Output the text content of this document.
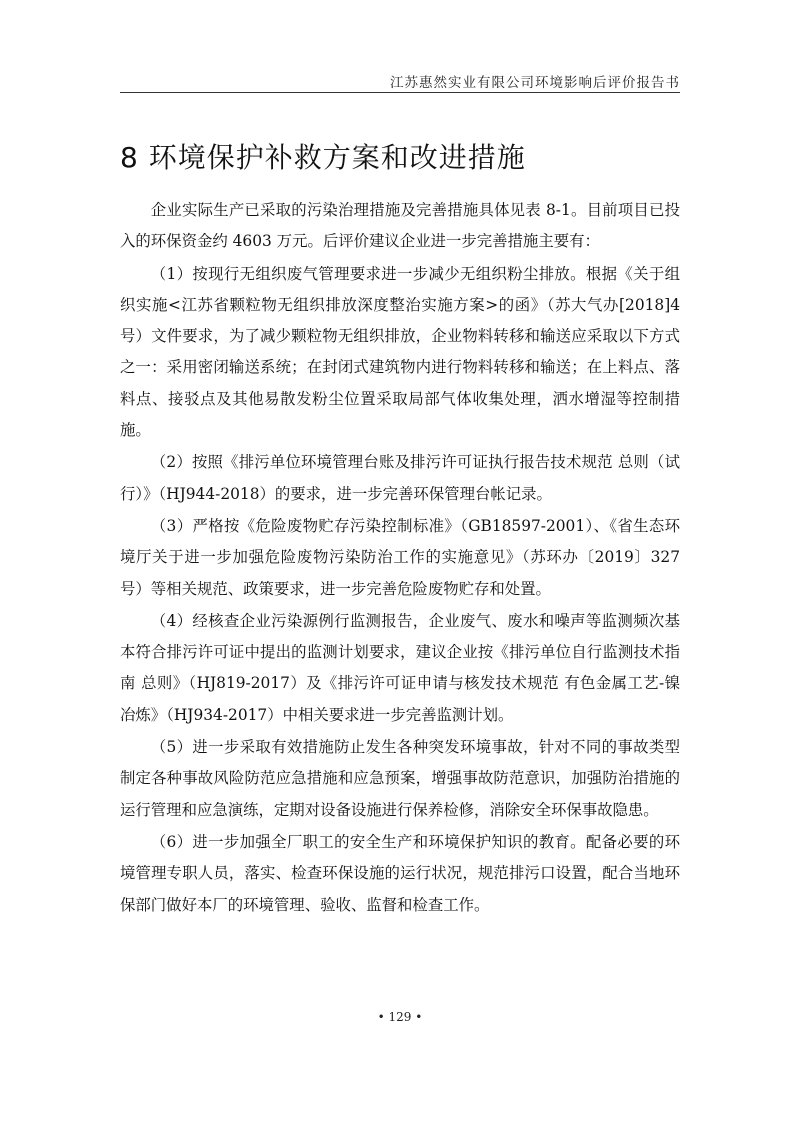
江苏惠然实业有限公司环境影响后评价报告书
8 环境保护补救方案和改进措施

企业实际生产已采取的污染治理措施及完善措施具体见表 8-1。目前项目已投入的环保资金约 4603 万元。后评价建议企业进一步完善措施主要有：

（1）按现行无组织废气管理要求进一步减少无组织粉尘排放。根据《关于组织实施<江苏省颗粒物无组织排放深度整治实施方案>的函》（苏大气办[2018]4 号）文件要求，为了减少颗粒物无组织排放，企业物料转移和输送应采取以下方式之一：采用密闭输送系统；在封闭式建筑物内进行物料转移和输送；在上料点、落料点、接驳点及其他易散发粉尘位置采取局部气体收集处理，洒水增湿等控制措施。

（2）按照《排污单位环境管理台账及排污许可证执行报告技术规范 总则（试行）》（HJ944-2018）的要求，进一步完善环保管理台帐记录。

（3）严格按《危险废物贮存污染控制标准》（GB18597-2001）、《省生态环境厅关于进一步加强危险废物污染防治工作的实施意见》（苏环办〔2019〕327 号）等相关规范、政策要求，进一步完善危险废物贮存和处置。

（4）经核查企业污染源例行监测报告，企业废气、废水和噪声等监测频次基本符合排污许可证中提出的监测计划要求，建议企业按《排污单位自行监测技术指南 总则》（HJ819-2017）及《排污许可证申请与核发技术规范 有色金属工艺-镍冶炼》（HJ934-2017）中相关要求进一步完善监测计划。

（5）进一步采取有效措施防止发生各种突发环境事故，针对不同的事故类型制定各种事故风险防范应急措施和应急预案，增强事故防范意识，加强防治措施的运行管理和应急演练，定期对设备设施进行保养检修，消除安全环保事故隐患。

（6）进一步加强全厂职工的安全生产和环境保护知识的教育。配备必要的环境管理专职人员，落实、检查环保设施的运行状况，规范排污口设置，配合当地环保部门做好本厂的环境管理、验收、监督和检查工作。

• 129 •
